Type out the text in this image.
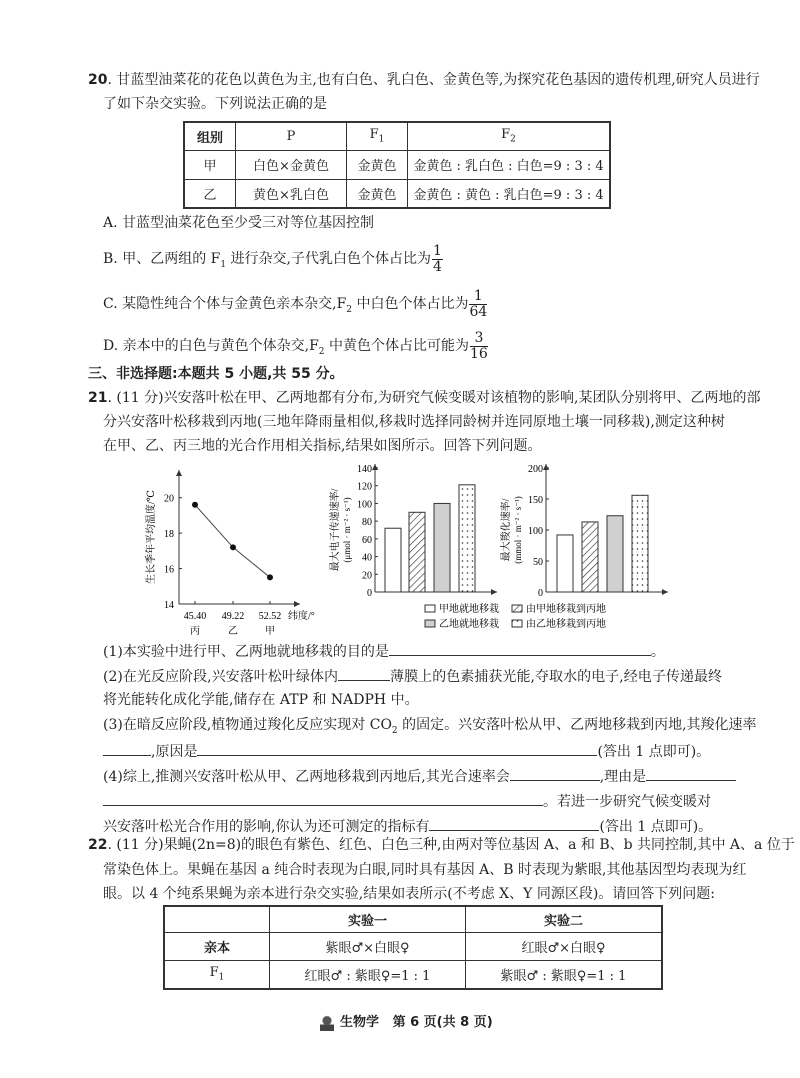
20. 甘蓝型油菜花的花色以黄色为主,也有白色、乳白色、金黄色等,为探究花色基因的遗传机理,研究人员进行
了如下杂交实验。下列说法正确的是
组别	P	$F_1$	$F_2$
甲	白色×金黄色	金黄色	金黄色 : 乳白色 : 白色=9 : 3 : 4
乙	黄色×乳白色	金黄色	金黄色 : 黄色 : 乳白色=9 : 3 : 4
A. 甘蓝型油菜花色至少受三对等位基因控制
B. 甲、乙两组的 $F_1$ 进行杂交,子代乳白色个体占比为 $\frac{1}{4}$
C. 某隐性纯合个体与金黄色亲本杂交$,F_2$ 中白色个体占比为 $\frac{1}{64}$
D. 亲本中的白色与黄色个体杂交$,F_2$ 中黄色个体占比可能为 $\frac{3}{16}$
三、非选择题:本题共 5 小题,共 55 分。
21. (11 分)兴安落叶松在甲、乙两地都有分布,为研究气候变暖对该植物的影响,某团队分别将甲、乙两地的部
分兴安落叶松移栽到丙地(三地年降雨量相似,移栽时选择同龄树并连同原地土壤一同移栽),测定这种树
在甲、乙、丙三地的光合作用相关指标,结果如图所示。回答下列问题。
14
16
18
20
45.40
丙
49.22
乙
52.52
甲
纬度/°
生长季年平均温度/℃
0
20
40
60
80
100
120
140
最大电子传递速率/ (μmol · m⁻² · s⁻¹)
0
50
100
150
200
最大羧化速率/ (mmol · m⁻² · s⁻¹)
甲地就地移栽	由甲地移栽到丙地
乙地就地移栽	由乙地移栽到丙地
(1)本实验中进行甲、乙两地就地移栽的目的是	。
(2)在光反应阶段,兴安落叶松叶绿体内	薄膜上的色素捕获光能,夺取水的电子,经电子传递最终
将光能转化成化学能,储存在 ATP 和 NADPH 中。
(3)在暗反应阶段,植物通过羧化反应实现对 $CO_2$ 的固定。兴安落叶松从甲、乙两地移栽到丙地,其羧化速率
,原因是	(答出 1 点即可)。
(4)综上,推测兴安落叶松从甲、乙两地移栽到丙地后,其光合速率会	,理由是
。若进一步研究气候变暖对
兴安落叶松光合作用的影响,你认为还可测定的指标有	(答出 1 点即可)。
22. (11 分)果蝇(2n=8)的眼色有紫色、红色、白色三种,由两对等位基因 A、a 和 B、b 共同控制,其中 A、a 位于
常染色体上。果蝇在基因 a 纯合时表现为白眼,同时具有基因 A、B 时表现为紫眼,其他基因型均表现为红
眼。以 4 个纯系果蝇为亲本进行杂交实验,结果如表所示(不考虑 X、Y 同源区段)。请回答下列问题:
	实验一	实验二
亲本	紫眼♂×白眼♀	红眼♂×白眼♀
$F_1$	红眼♂ : 紫眼♀=1 : 1	紫眼♂ : 紫眼♀=1 : 1
生物学   第 6 页(共 8 页)
